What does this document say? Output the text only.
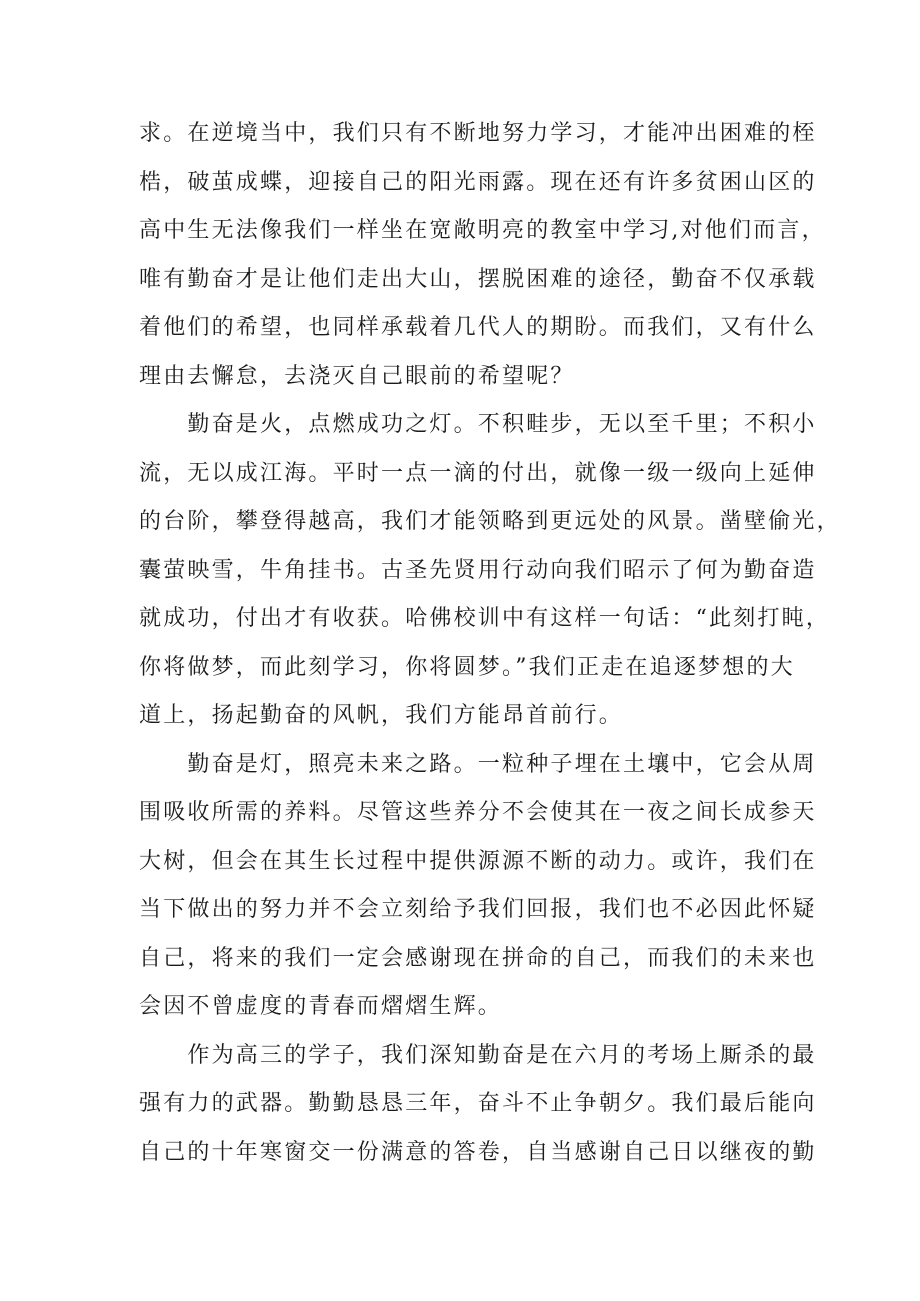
求。在逆境当中，我们只有不断地努力学习，才能冲出困难的桎
梏，破茧成蝶，迎接自己的阳光雨露。现在还有许多贫困山区的
高中生无法像我们一样坐在宽敞明亮的教室中学习,对他们而言，
唯有勤奋才是让他们走出大山，摆脱困难的途径，勤奋不仅承载
着他们的希望，也同样承载着几代人的期盼。而我们，又有什么
理由去懈怠，去浇灭自己眼前的希望呢？
　　勤奋是火，点燃成功之灯。不积畦步，无以至千里；不积小
流，无以成江海。平时一点一滴的付出，就像一级一级向上延伸
的台阶，攀登得越高，我们才能领略到更远处的风景。凿壁偷光，
囊萤映雪，牛角挂书。古圣先贤用行动向我们昭示了何为勤奋造
就成功，付出才有收获。哈佛校训中有这样一句话：“此刻打盹，
你将做梦，而此刻学习，你将圆梦。”我们正走在追逐梦想的大
道上，扬起勤奋的风帆，我们方能昂首前行。
　　勤奋是灯，照亮未来之路。一粒种子埋在土壤中，它会从周
围吸收所需的养料。尽管这些养分不会使其在一夜之间长成参天
大树，但会在其生长过程中提供源源不断的动力。或许，我们在
当下做出的努力并不会立刻给予我们回报，我们也不必因此怀疑
自己，将来的我们一定会感谢现在拼命的自己，而我们的未来也
会因不曾虚度的青春而熠熠生辉。
　　作为高三的学子，我们深知勤奋是在六月的考场上厮杀的最
强有力的武器。勤勤恳恳三年，奋斗不止争朝夕。我们最后能向
自己的十年寒窗交一份满意的答卷，自当感谢自己日以继夜的勤
